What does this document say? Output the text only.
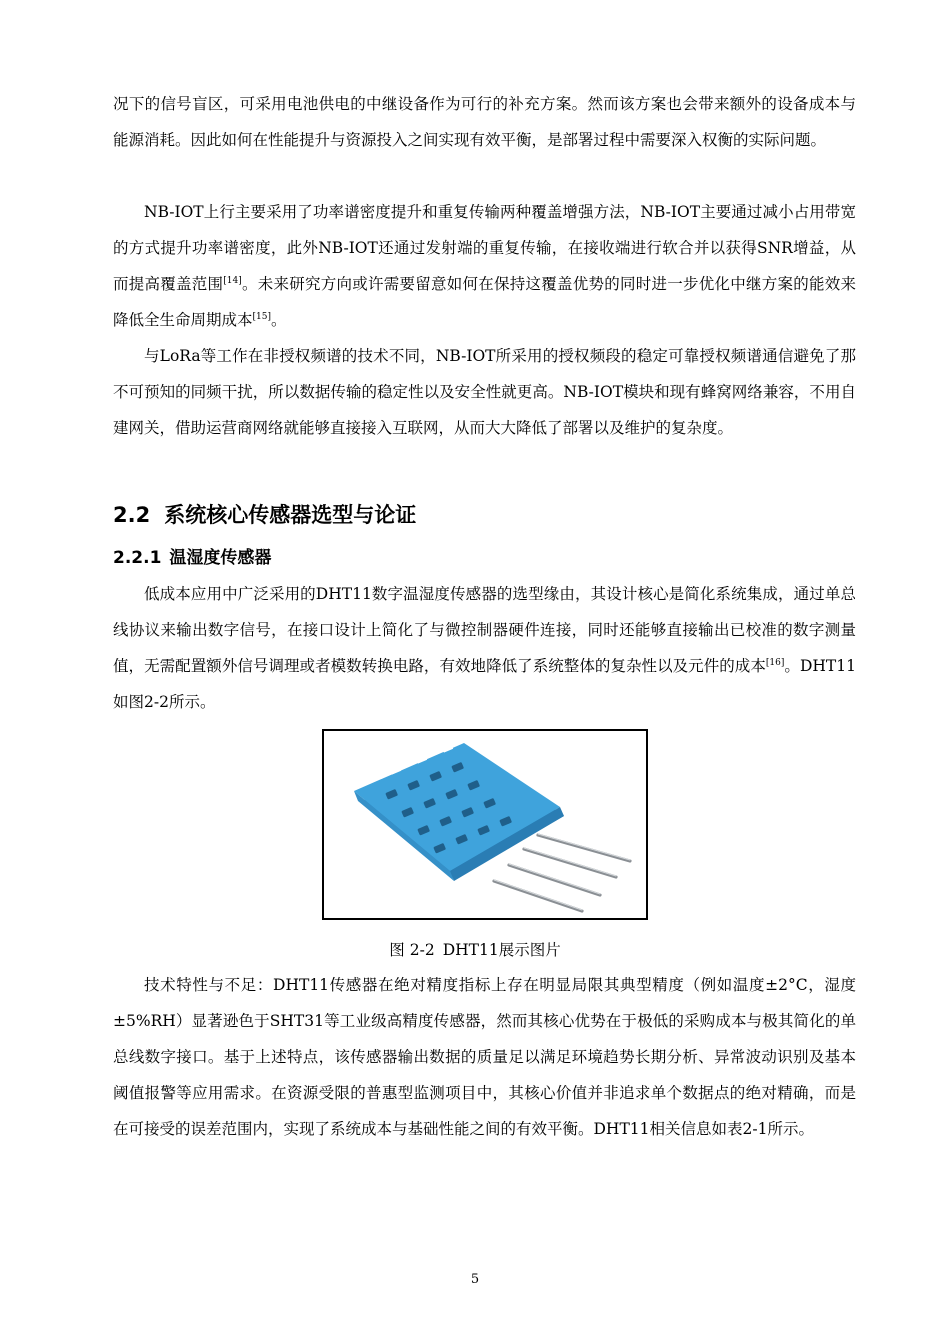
况下的信号盲区，可采用电池供电的中继设备作为可行的补充方案。然而该方案也会带来额外的设备成本与能源消耗。因此如何在性能提升与资源投入之间实现有效平衡，是部署过程中需要深入权衡的实际问题。

NB-IOT上行主要采用了功率谱密度提升和重复传输两种覆盖增强方法，NB-IOT主要通过减小占用带宽的方式提升功率谱密度，此外NB-IOT还通过发射端的重复传输，在接收端进行软合并以获得SNR增益，从而提高覆盖范围[14]。未来研究方向或许需要留意如何在保持这覆盖优势的同时进一步优化中继方案的能效来降低全生命周期成本[15]。

与LoRa等工作在非授权频谱的技术不同，NB-IOT所采用的授权频段的稳定可靠授权频谱通信避免了那不可预知的同频干扰，所以数据传输的稳定性以及安全性就更高。NB-IOT模块和现有蜂窝网络兼容，不用自建网关，借助运营商网络就能够直接接入互联网，从而大大降低了部署以及维护的复杂度。

2.2 系统核心传感器选型与论证
2.2.1 温湿度传感器

低成本应用中广泛采用的DHT11数字温湿度传感器的选型缘由，其设计核心是简化系统集成，通过单总线协议来输出数字信号，在接口设计上简化了与微控制器硬件连接，同时还能够直接输出已校准的数字测量值，无需配置额外信号调理或者模数转换电路，有效地降低了系统整体的复杂性以及元件的成本[16]。DHT11如图2-2所示。

图 2-2 DHT11展示图片

技术特性与不足：DHT11传感器在绝对精度指标上存在明显局限其典型精度（例如温度±2°C，湿度±5%RH）显著逊色于SHT31等工业级高精度传感器，然而其核心优势在于极低的采购成本与极其简化的单总线数字接口。基于上述特点，该传感器输出数据的质量足以满足环境趋势长期分析、异常波动识别及基本阈值报警等应用需求。在资源受限的普惠型监测项目中，其核心价值并非追求单个数据点的绝对精确，而是在可接受的误差范围内，实现了系统成本与基础性能之间的有效平衡。DHT11相关信息如表2-1所示。

5
